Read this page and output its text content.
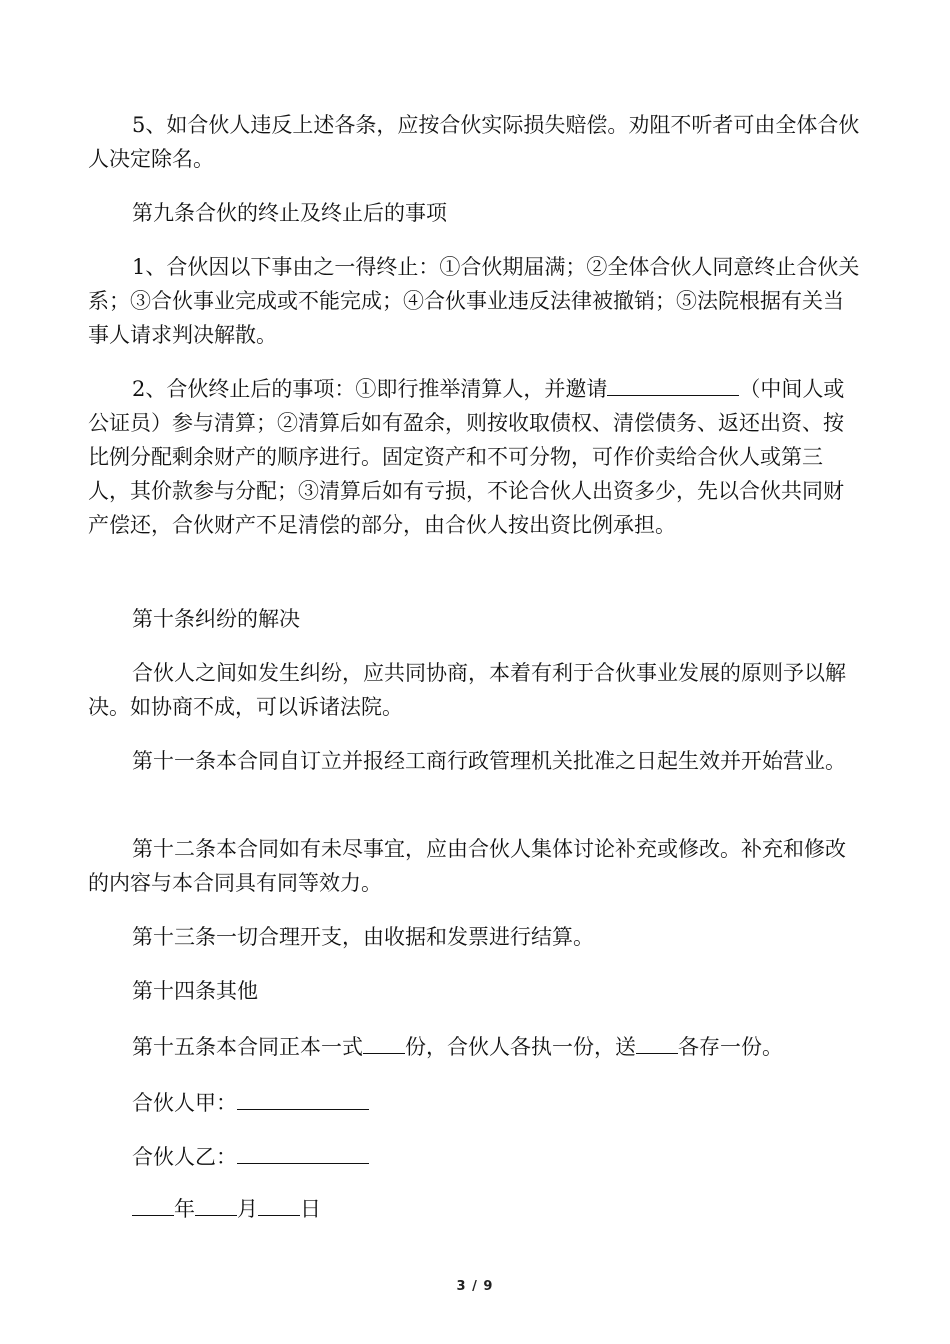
5、如合伙人违反上述各条，应按合伙实际损失赔偿。劝阻不听者可由全体合伙人决定除名。

第九条合伙的终止及终止后的事项

1、合伙因以下事由之一得终止：①合伙期届满；②全体合伙人同意终止合伙关系；③合伙事业完成或不能完成；④合伙事业违反法律被撤销；⑤法院根据有关当事人请求判决解散。

2、合伙终止后的事项：①即行推举清算人，并邀请	（中间人或公证员）参与清算；②清算后如有盈余，则按收取债权、清偿债务、返还出资、按比例分配剩余财产的顺序进行。固定资产和不可分物，可作价卖给合伙人或第三人，其价款参与分配；③清算后如有亏损，不论合伙人出资多少，先以合伙共同财产偿还，合伙财产不足清偿的部分，由合伙人按出资比例承担。

第十条纠纷的解决

合伙人之间如发生纠纷，应共同协商，本着有利于合伙事业发展的原则予以解决。如协商不成，可以诉诸法院。

第十一条本合同自订立并报经工商行政管理机关批准之日起生效并开始营业。

第十二条本合同如有未尽事宜，应由合伙人集体讨论补充或修改。补充和修改的内容与本合同具有同等效力。

第十三条一切合理开支，由收据和发票进行结算。

第十四条其他

第十五条本合同正本一式 份，合伙人各执一份，送 各存一份。

合伙人甲：

合伙人乙：

年 月 日

3 / 9
